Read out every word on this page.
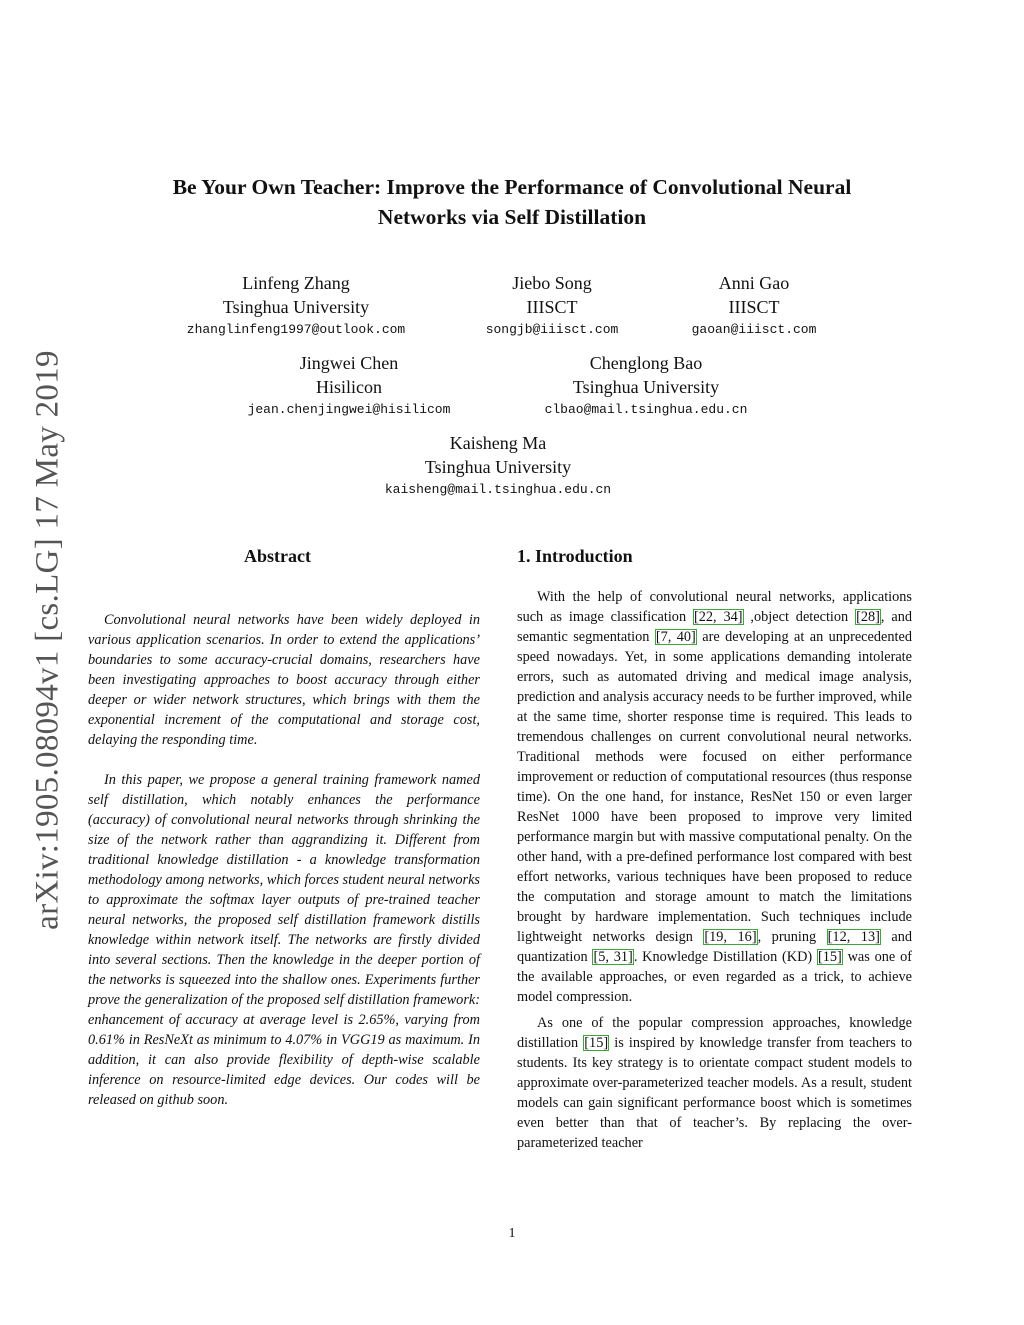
arXiv:1905.08094v1 [cs.LG] 17 May 2019
Be Your Own Teacher: Improve the Performance of Convolutional Neural
Networks via Self Distillation
Linfeng Zhang
Tsinghua University
zhanglinfeng1997@outlook.com
Jiebo Song
IIISCT
songjb@iiisct.com
Anni Gao
IIISCT
gaoan@iiisct.com
Jingwei Chen
Hisilicon
jean.chenjingwei@hisilicom
Chenglong Bao
Tsinghua University
clbao@mail.tsinghua.edu.cn
Kaisheng Ma
Tsinghua University
kaisheng@mail.tsinghua.edu.cn
Abstract	1. Introduction

Convolutional neural networks have been widely deployed in various application scenarios. In order to extend the applications’ boundaries to some accuracy-crucial domains, researchers have been investigating approaches to boost accuracy through either deeper or wider network structures, which brings with them the exponential increment of the computational and storage cost, delaying the responding time.

In this paper, we propose a general training framework named self distillation, which notably enhances the performance (accuracy) of convolutional neural networks through shrinking the size of the network rather than aggrandizing it. Different from traditional knowledge distillation - a knowledge transformation methodology among networks, which forces student neural networks to approximate the softmax layer outputs of pre-trained teacher neural networks, the proposed self distillation framework distills knowledge within network itself. The networks are firstly divided into several sections. Then the knowledge in the deeper portion of the networks is squeezed into the shallow ones. Experiments further prove the generalization of the proposed self distillation framework: enhancement of accuracy at average level is 2.65%, varying from 0.61% in ResNeXt as minimum to 4.07% in VGG19 as maximum. In addition, it can also provide flexibility of depth-wise scalable inference on resource-limited edge devices. Our codes will be released on github soon.

With the help of convolutional neural networks, applications such as image classification [22, 34] ,object detection [28], and semantic segmentation [7, 40] are developing at an unprecedented speed nowadays. Yet, in some applications demanding intolerate errors, such as automated driving and medical image analysis, prediction and analysis accuracy needs to be further improved, while at the same time, shorter response time is required. This leads to tremendous challenges on current convolutional neural networks. Traditional methods were focused on either performance improvement or reduction of computational resources (thus response time). On the one hand, for instance, ResNet 150 or even larger ResNet 1000 have been proposed to improve very limited performance margin but with massive computational penalty. On the other hand, with a pre-defined performance lost compared with best effort networks, various techniques have been proposed to reduce the computation and storage amount to match the limitations brought by hardware implementation. Such techniques include lightweight networks design [19, 16], pruning [12, 13] and quantization [5, 31]. Knowledge Distillation (KD) [15] was one of the available approaches, or even regarded as a trick, to achieve model compression.

As one of the popular compression approaches, knowledge distillation [15] is inspired by knowledge transfer from teachers to students. Its key strategy is to orientate compact student models to approximate over-parameterized teacher models. As a result, student models can gain significant performance boost which is sometimes even better than that of teacher’s. By replacing the over-parameterized teacher

1
